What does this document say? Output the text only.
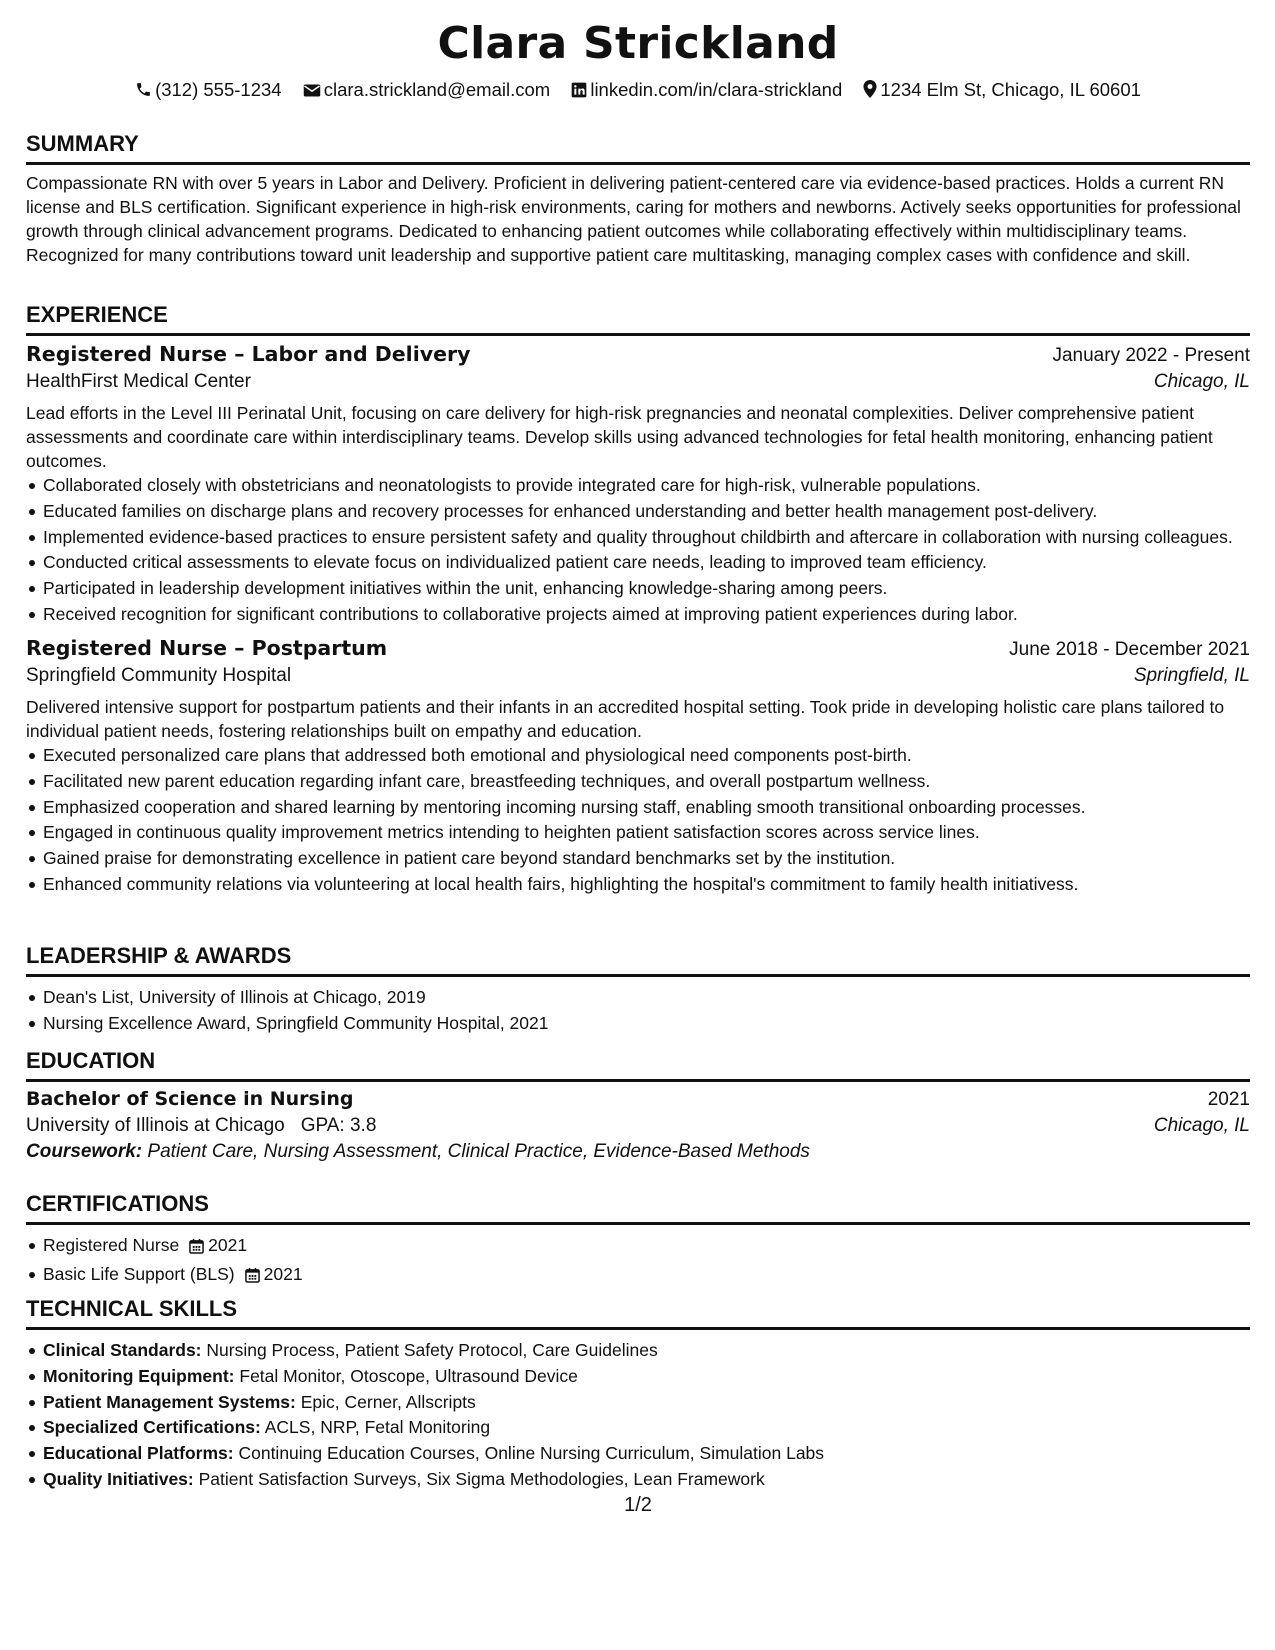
Clara Strickland
(312) 555-1234 clara.strickland@email.com linkedin.com/in/clara-strickland 1234 Elm St, Chicago, IL 60601
SUMMARY
Compassionate RN with over 5 years in Labor and Delivery. Proficient in delivering patient-centered care via evidence-based practices. Holds a current RN license and BLS certification. Significant experience in high-risk environments, caring for mothers and newborns. Actively seeks opportunities for professional growth through clinical advancement programs. Dedicated to enhancing patient outcomes while collaborating effectively within multidisciplinary teams. Recognized for many contributions toward unit leadership and supportive patient care multitasking, managing complex cases with confidence and skill.
EXPERIENCE
Registered Nurse – Labor and Delivery	January 2022 - Present
HealthFirst Medical Center	Chicago, IL
Lead efforts in the Level III Perinatal Unit, focusing on care delivery for high-risk pregnancies and neonatal complexities. Deliver comprehensive patient assessments and coordinate care within interdisciplinary teams. Develop skills using advanced technologies for fetal health monitoring, enhancing patient outcomes.
Collaborated closely with obstetricians and neonatologists to provide integrated care for high-risk, vulnerable populations.
Educated families on discharge plans and recovery processes for enhanced understanding and better health management post-delivery.
Implemented evidence-based practices to ensure persistent safety and quality throughout childbirth and aftercare in collaboration with nursing colleagues.
Conducted critical assessments to elevate focus on individualized patient care needs, leading to improved team efficiency.
Participated in leadership development initiatives within the unit, enhancing knowledge-sharing among peers.
Received recognition for significant contributions to collaborative projects aimed at improving patient experiences during labor.
Registered Nurse – Postpartum	June 2018 - December 2021
Springfield Community Hospital	Springfield, IL
Delivered intensive support for postpartum patients and their infants in an accredited hospital setting. Took pride in developing holistic care plans tailored to individual patient needs, fostering relationships built on empathy and education.
Executed personalized care plans that addressed both emotional and physiological need components post-birth.
Facilitated new parent education regarding infant care, breastfeeding techniques, and overall postpartum wellness.
Emphasized cooperation and shared learning by mentoring incoming nursing staff, enabling smooth transitional onboarding processes.
Engaged in continuous quality improvement metrics intending to heighten patient satisfaction scores across service lines.
Gained praise for demonstrating excellence in patient care beyond standard benchmarks set by the institution.
Enhanced community relations via volunteering at local health fairs, highlighting the hospital's commitment to family health initiativess.
LEADERSHIP & AWARDS
Dean's List, University of Illinois at Chicago, 2019
Nursing Excellence Award, Springfield Community Hospital, 2021
EDUCATION
Bachelor of Science in Nursing	2021
University of Illinois at Chicago GPA: 3.8	Chicago, IL
Coursework: Patient Care, Nursing Assessment, Clinical Practice, Evidence-Based Methods
CERTIFICATIONS
Registered Nurse 2021
Basic Life Support (BLS) 2021
TECHNICAL SKILLS
Clinical Standards: Nursing Process, Patient Safety Protocol, Care Guidelines
Monitoring Equipment: Fetal Monitor, Otoscope, Ultrasound Device
Patient Management Systems: Epic, Cerner, Allscripts
Specialized Certifications: ACLS, NRP, Fetal Monitoring
Educational Platforms: Continuing Education Courses, Online Nursing Curriculum, Simulation Labs
Quality Initiatives: Patient Satisfaction Surveys, Six Sigma Methodologies, Lean Framework
1/2
